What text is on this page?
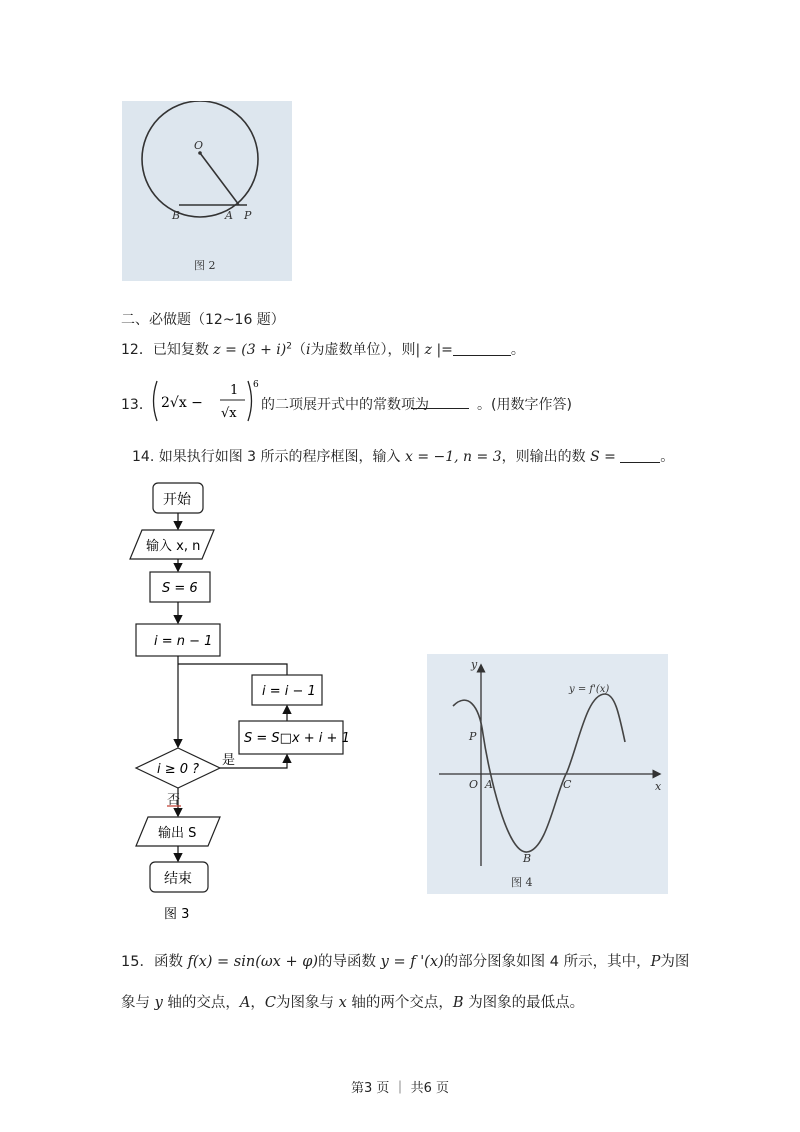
O
B	A P
图 2
二、必做题（12~16 题）
12．已知复数 $z = (3 + i)^2(i$为虚数单位），则| z |=	。
13． 2√x −
1
√x
6
的二项展开式中的常数项为	。(用数字作答)
14. 如果执行如图 3 所示的程序框图，输入 x = −1, n = 3，则输出的数 S =	。
开始
输入 x, n
S = 6
i = n − 1
i = i − 1
S = S□x + i + 1
i ≥ 0 ?
是
否
输出 S
结束
图 3
y
x
y = f'(x)
P
O A	C
B
图 4
15．函数 f(x) = sin(ωx + φ)的导函数 y = f '(x)的部分图象如图 4 所示，其中，P为图
象与 y 轴的交点，A，C为图象与 x 轴的两个交点，B 为图象的最低点。
第3 页 ｜ 共6 页
